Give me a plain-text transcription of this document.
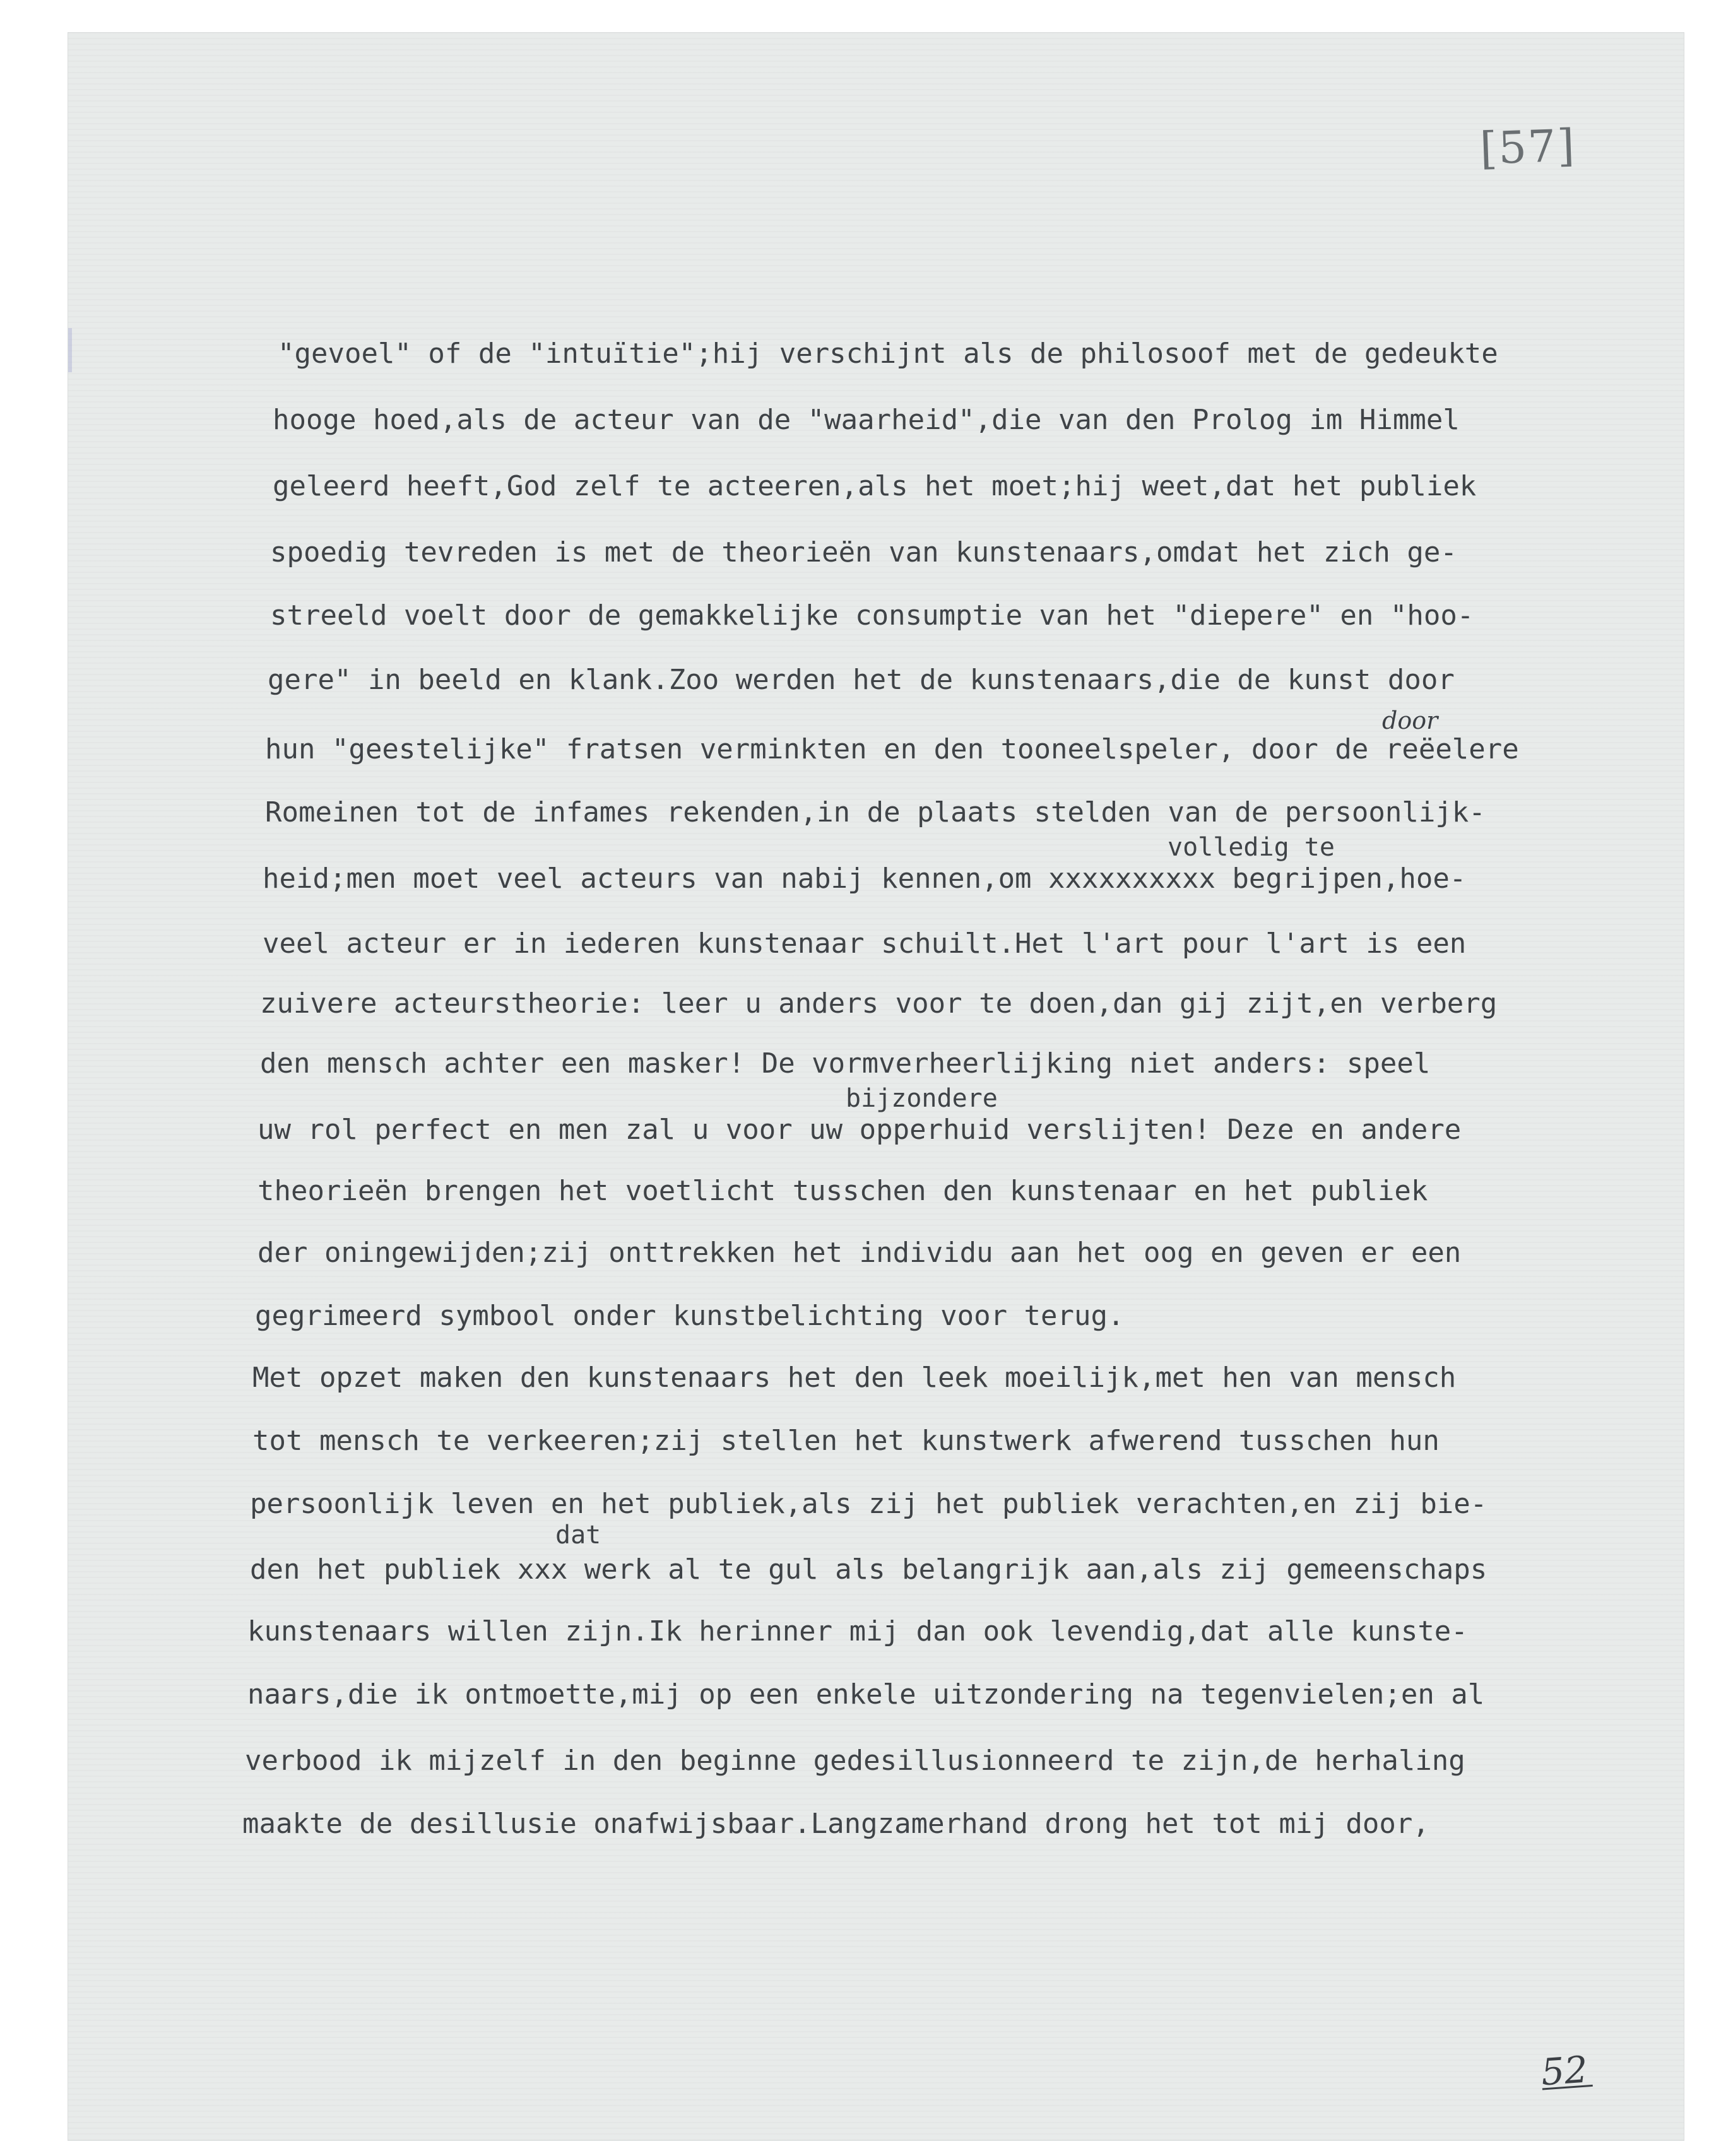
[57]
"gevoel" of de "intuïtie";hij verschijnt als de philosoof met de gedeukte
hooge hoed,als de acteur van de "waarheid",die van den Prolog im Himmel
geleerd heeft,God zelf te acteeren,als het moet;hij weet,dat het publiek
spoedig tevreden is met de theorieën van kunstenaars,omdat het zich ge-
streeld voelt door de gemakkelijke consumptie van het "diepere" en "hoo-
gere" in beeld en klank.Zoo werden het de kunstenaars,die de kunst door
hun "geestelijke" fratsen verminkten en den tooneelspeler, door de reëelere
Romeinen tot de infames rekenden,in de plaats stelden van de persoonlijk-
heid;men moet veel acteurs van nabij kennen,om xxxxxxxxxx begrijpen,hoe-
veel acteur er in iederen kunstenaar schuilt.Het l'art pour l'art is een
zuivere acteurstheorie: leer u anders voor te doen,dan gij zijt,en verberg
den mensch achter een masker! De vormverheerlijking niet anders: speel
uw rol perfect en men zal u voor uw opperhuid verslijten! Deze en andere
theorieën brengen het voetlicht tusschen den kunstenaar en het publiek
der oningewijden;zij onttrekken het individu aan het oog en geven er een
gegrimeerd symbool onder kunstbelichting voor terug.
Met opzet maken den kunstenaars het den leek moeilijk,met hen van mensch
tot mensch te verkeeren;zij stellen het kunstwerk afwerend tusschen hun
persoonlijk leven en het publiek,als zij het publiek verachten,en zij bie-
den het publiek xxx werk al te gul als belangrijk aan,als zij gemeenschaps
kunstenaars willen zijn.Ik herinner mij dan ook levendig,dat alle kunste-
naars,die ik ontmoette,mij op een enkele uitzondering na tegenvielen;en al
verbood ik mijzelf in den beginne gedesillusionneerd te zijn,de herhaling
maakte de desillusie onafwijsbaar.Langzamerhand drong het tot mij door,
door
volledig te
bijzondere
dat
52
